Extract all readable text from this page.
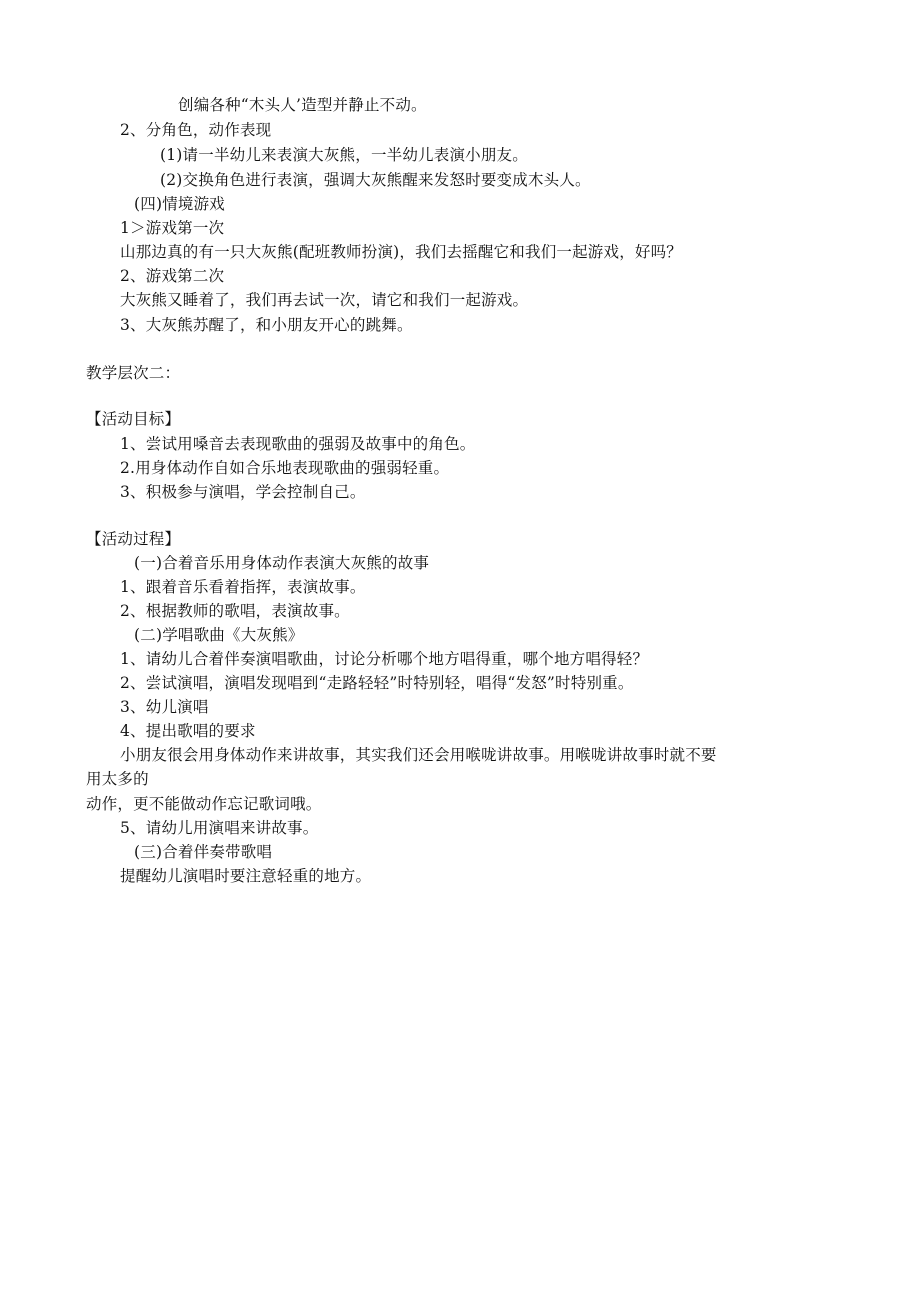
创编各种“木头人’造型并静止不动。
2、分角色，动作表现
(1)请一半幼儿来表演大灰熊，一半幼儿表演小朋友。
(2)交换角色进行表演，强调大灰熊醒来发怒时要变成木头人。
(四)情境游戏
1＞游戏第一次
山那边真的有一只大灰熊(配班教师扮演)，我们去摇醒它和我们一起游戏，好吗？
2、游戏第二次
大灰熊又睡着了，我们再去试一次，请它和我们一起游戏。
3、大灰熊苏醒了，和小朋友开心的跳舞。
教学层次二：
【活动目标】
1、尝试用嗓音去表现歌曲的强弱及故事中的角色。
2.用身体动作自如合乐地表现歌曲的强弱轻重。
3、积极参与演唱，学会控制自己。
【活动过程】
(一)合着音乐用身体动作表演大灰熊的故事
1、跟着音乐看着指挥，表演故事。
2、根据教师的歌唱，表演故事。
(二)学唱歌曲《大灰熊》
1、请幼儿合着伴奏演唱歌曲，讨论分析哪个地方唱得重，哪个地方唱得轻？
2、尝试演唱，演唱发现唱到“走路轻轻”时特别轻，唱得“发怒”时特别重。
3、幼儿演唱
4、提出歌唱的要求
小朋友很会用身体动作来讲故事，其实我们还会用喉咙讲故事。用喉咙讲故事时就不要
用太多的
动作，更不能做动作忘记歌词哦。
5、请幼儿用演唱来讲故事。
(三)合着伴奏带歌唱
提醒幼儿演唱时要注意轻重的地方。
